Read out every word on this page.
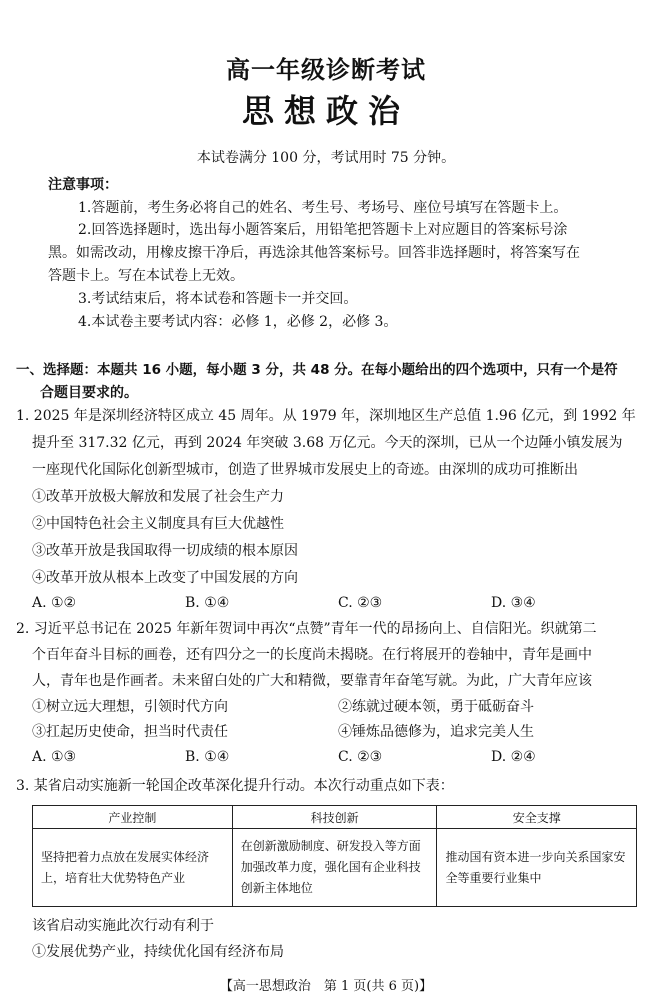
高一年级诊断考试
思想政治
本试卷满分 100 分，考试用时 75 分钟。
注意事项：
1.答题前，考生务必将自己的姓名、考生号、考场号、座位号填写在答题卡上。
2.回答选择题时，选出每小题答案后，用铅笔把答题卡上对应题目的答案标号涂
黑。如需改动，用橡皮擦干净后，再选涂其他答案标号。回答非选择题时，将答案写在
答题卡上。写在本试卷上无效。
3.考试结束后，将本试卷和答题卡一并交回。
4.本试卷主要考试内容：必修 1，必修 2，必修 3。
一、选择题：本题共 16 小题，每小题 3 分，共 48 分。在每小题给出的四个选项中，只有一个是符
合题目要求的。
1. 2025 年是深圳经济特区成立 45 周年。从 1979 年，深圳地区生产总值 1.96 亿元，到 1992 年
提升至 317.32 亿元，再到 2024 年突破 3.68 万亿元。今天的深圳，已从一个边陲小镇发展为
一座现代化国际化创新型城市，创造了世界城市发展史上的奇迹。由深圳的成功可推断出
①改革开放极大解放和发展了社会生产力
②中国特色社会主义制度具有巨大优越性
③改革开放是我国取得一切成绩的根本原因
④改革开放从根本上改变了中国发展的方向
A. ①②	B. ①④	C. ②③	D. ③④
2. 习近平总书记在 2025 年新年贺词中再次“点赞”青年一代的昂扬向上、自信阳光。织就第二
个百年奋斗目标的画卷，还有四分之一的长度尚未揭晓。在行将展开的卷轴中，青年是画中
人，青年也是作画者。未来留白处的广大和精微，要靠青年奋笔写就。为此，广大青年应该
①树立远大理想，引领时代方向	②练就过硬本领，勇于砥砺奋斗
③扛起历史使命，担当时代责任	④锤炼品德修为，追求完美人生
A. ①③	B. ①④	C. ②③	D. ②④
3. 某省启动实施新一轮国企改革深化提升行动。本次行动重点如下表：
产业控制	科技创新	安全支撑
坚持把着力点放在发展实体经济上，培育壮大优势特色产业	在创新激励制度、研发投入等方面加强改革力度，强化国有企业科技创新主体地位	推动国有资本进一步向关系国家安全等重要行业集中
该省启动实施此次行动有利于
①发展优势产业，持续优化国有经济布局
【高一思想政治　第 1 页(共 6 页)】
